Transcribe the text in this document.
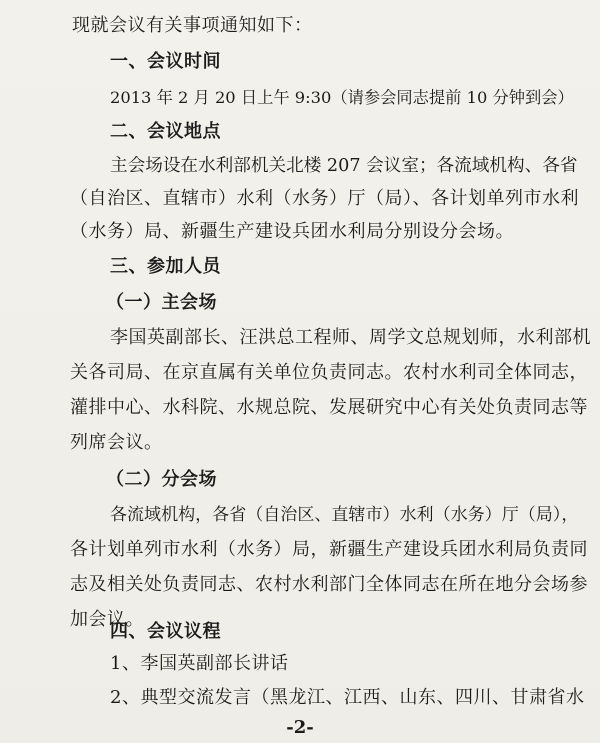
现就会议有关事项通知如下：
一、会议时间
2013 年 2 月 20 日上午 9:30（请参会同志提前 10 分钟到会）
二、会议地点
主会场设在水利部机关北楼 207 会议室；各流域机构、各省
（自治区、直辖市）水利（水务）厅（局）、各计划单列市水利
（水务）局、新疆生产建设兵团水利局分别设分会场。
三、参加人员
（一）主会场
李国英副部长、汪洪总工程师、周学文总规划师，水利部机
关各司局、在京直属有关单位负责同志。农村水利司全体同志，
灌排中心、水科院、水规总院、发展研究中心有关处负责同志等
列席会议。
（二）分会场
各流域机构，各省（自治区、直辖市）水利（水务）厅（局），
各计划单列市水利（水务）局，新疆生产建设兵团水利局负责同
志及相关处负责同志、农村水利部门全体同志在所在地分会场参
加会议。
四、会议议程
1、李国英副部长讲话
2、典型交流发言（黑龙江、江西、山东、四川、甘肃省水
-2-
